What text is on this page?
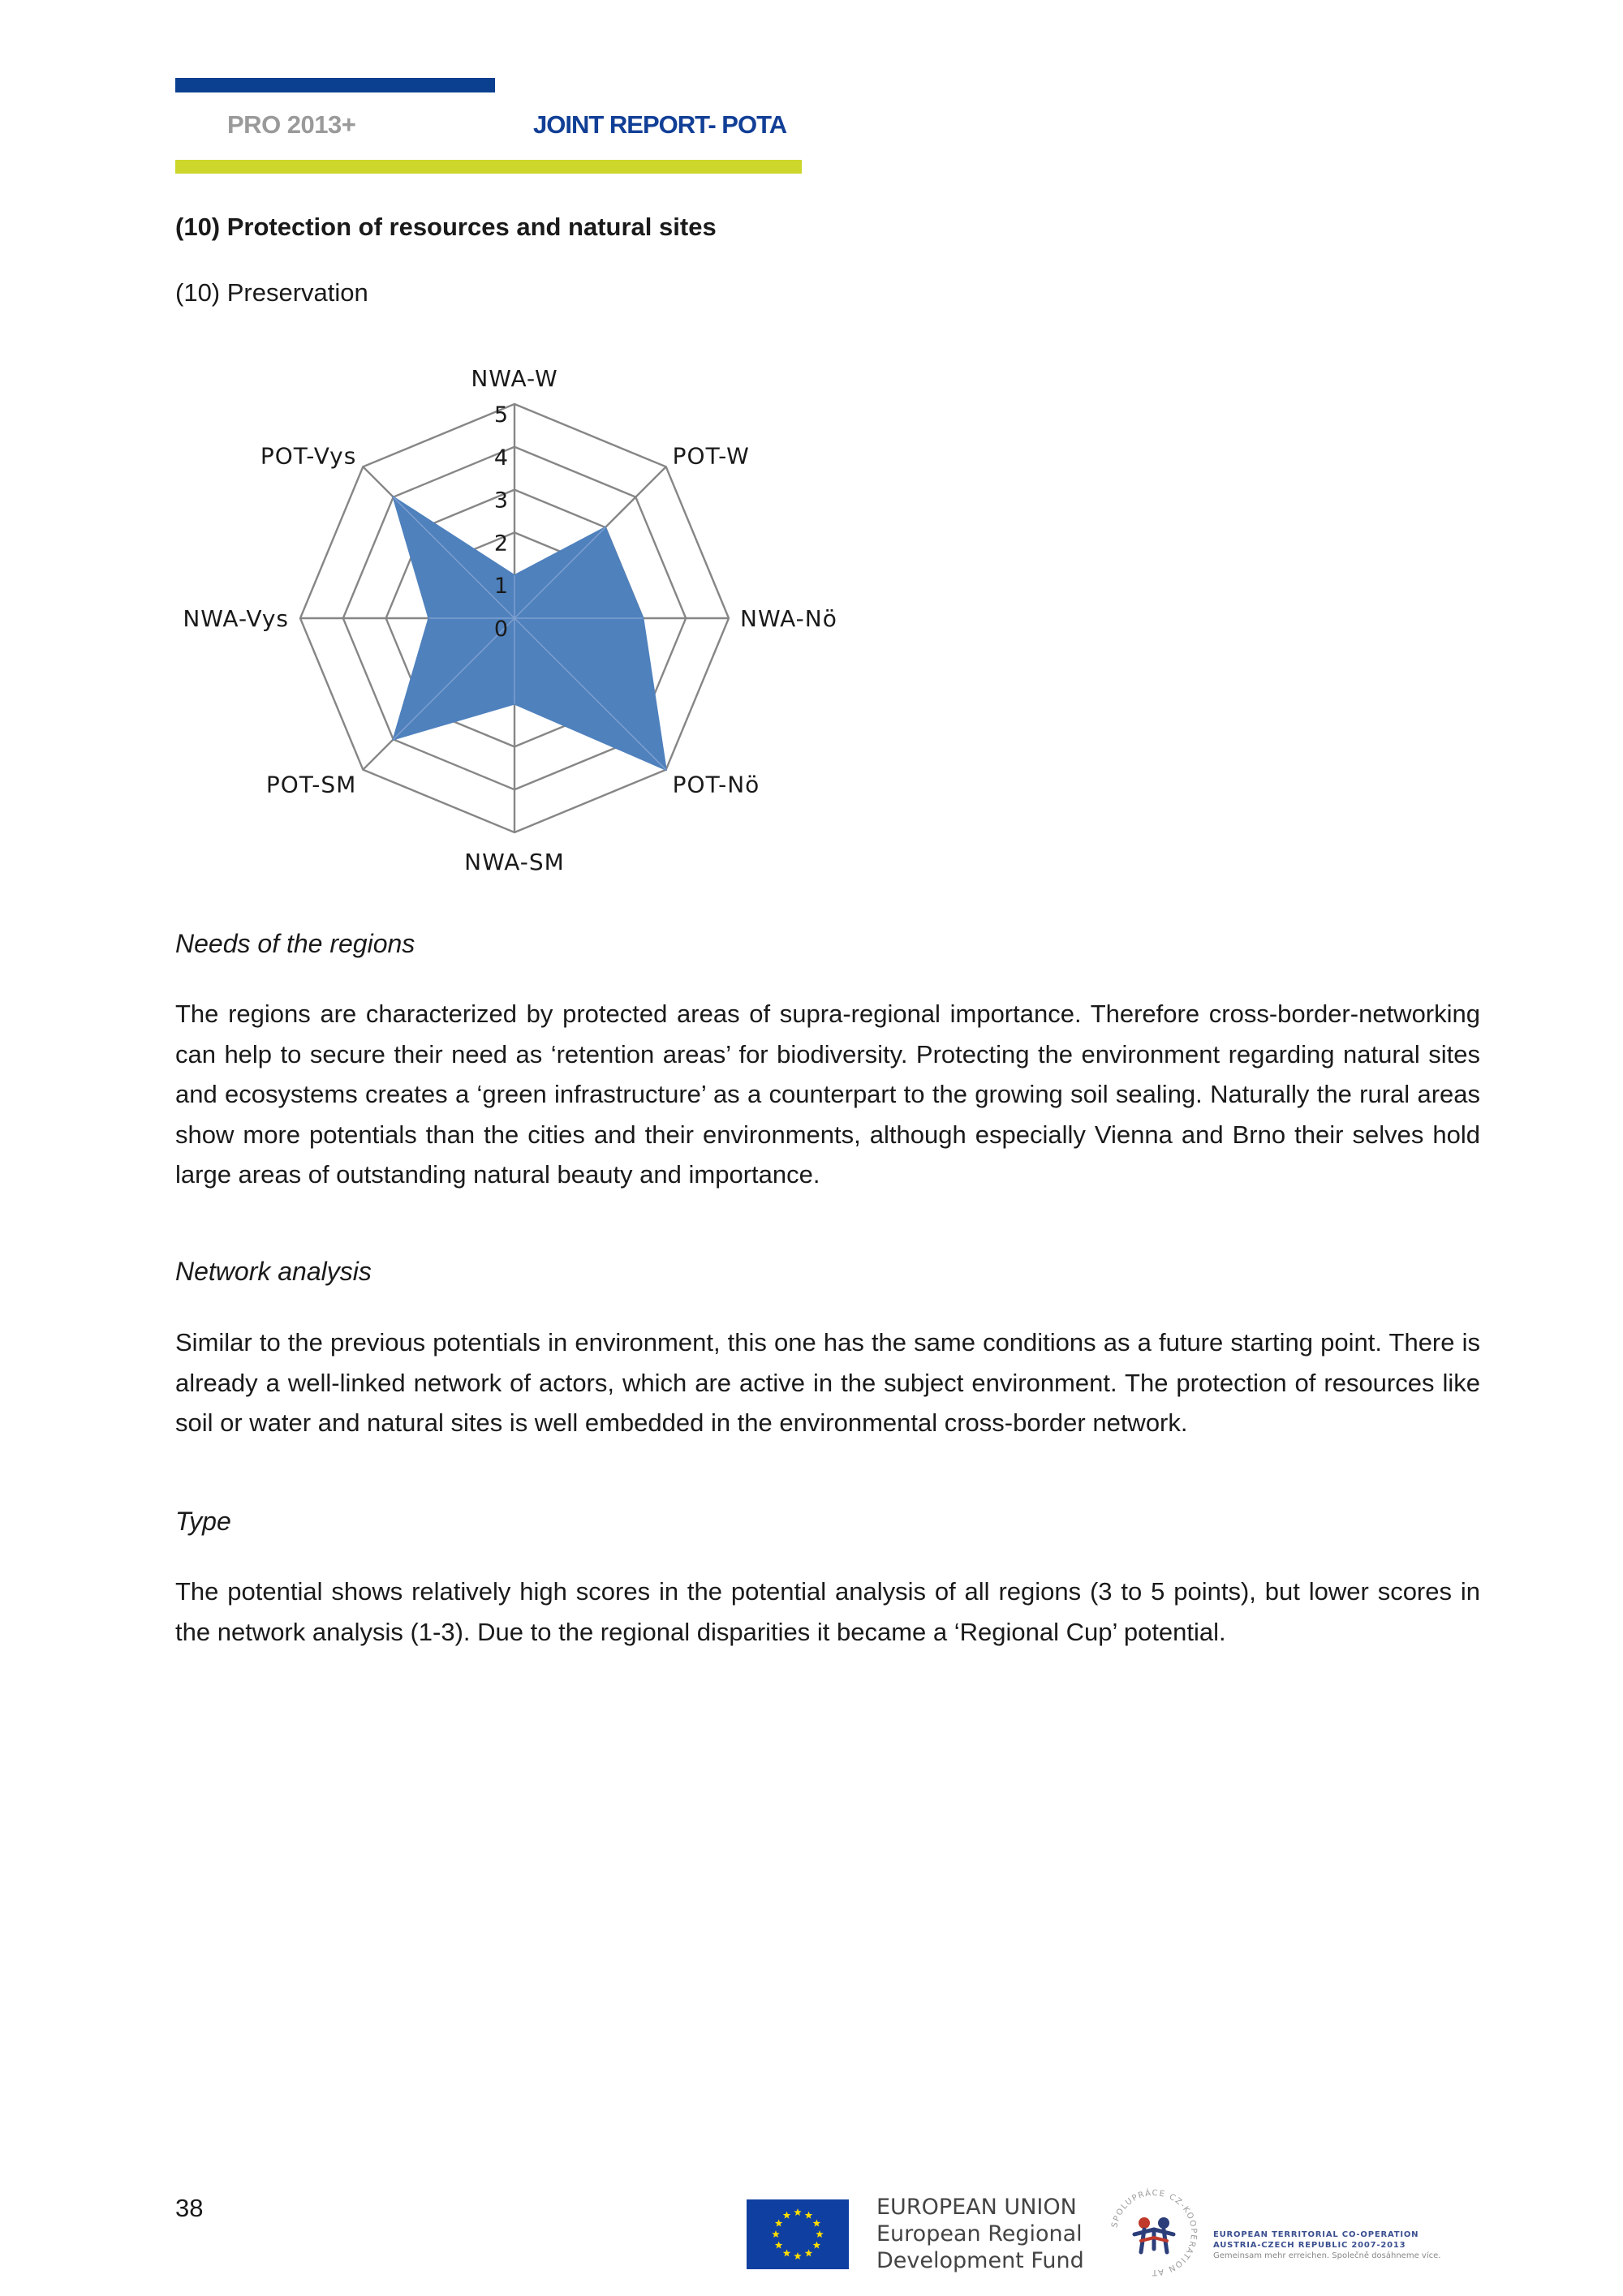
PRO 2013+	JOINT REPORT- POTA
(10) Protection of resources and natural sites
(10) Preservation
0
1
2
3
4
5
NWA-W
POT-W
NWA-Nö
POT-Nö
NWA-SM
POT-SM
NWA-Vys
POT-Vys
Needs of the regions

The regions are characterized by protected areas of supra-regional importance. Therefore cross-border-networking can help to secure their need as ‘retention areas’ for biodiversity. Protecting the environment regarding natural sites and ecosystems creates a ‘green infrastructure’ as a counterpart to the growing soil sealing. Naturally the rural areas show more potentials than the cities and their environments, although especially Vienna and Brno their selves hold large areas of outstanding natural beauty and importance.

Network analysis

Similar to the previous potentials in environment, this one has the same conditions as a future starting point. There is already a well-linked network of actors, which are active in the subject environment. The protection of resources like soil or water and natural sites is well embedded in the environmental cross-border network.

Type

The potential shows relatively high scores in the potential analysis of all regions (3 to 5 points), but lower scores in the network analysis (1-3). Due to the regional disparities it became a ‘Regional Cup’ potential.

38	EUROPEAN UNION
European Regional
Development Fund
SPOLUPRÁCE CZ-KOOPERATION AT
EUROPEAN TERRITORIAL CO-OPERATION
AUSTRIA-CZECH REPUBLIC 2007-2013
Gemeinsam mehr erreichen. Společně dosáhneme více.
